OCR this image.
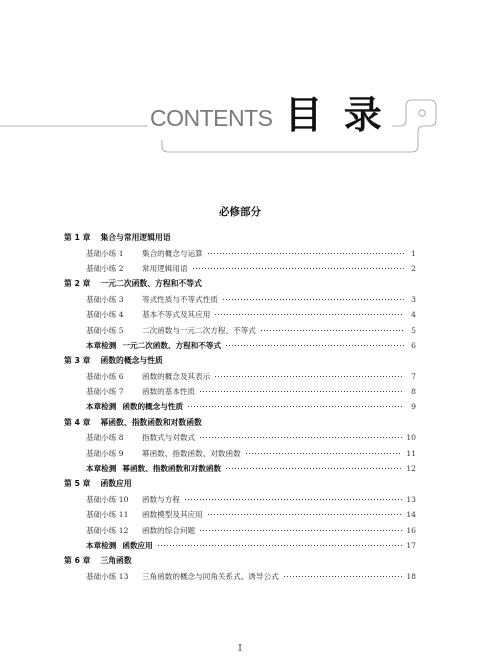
CONTENTS 目 录
必修部分
第 1 章 集合与常用逻辑用语
基础小练 1	集合的概念与运算	1
基础小练 2	常用逻辑用语	2
第 2 章 一元二次函数、方程和不等式
基础小练 3	等式性质与不等式性质	3
基础小练 4	基本不等式及其应用	4
基础小练 5	二次函数与一元二次方程、不等式	5
本章检测 一元二次函数、方程和不等式	6
第 3 章 函数的概念与性质
基础小练 6	函数的概念及其表示	7
基础小练 7	函数的基本性质	8
本章检测 函数的概念与性质	9
第 4 章 幂函数、指数函数和对数函数
基础小练 8	指数式与对数式	10
基础小练 9	幂函数、指数函数、对数函数	11
本章检测 幂函数、指数函数和对数函数	12
第 5 章 函数应用
基础小练 10	函数与方程	13
基础小练 11	函数模型及其应用	14
基础小练 12	函数的综合问题	16
本章检测 函数应用	17
第 6 章 三角函数
基础小练 13	三角函数的概念与同角关系式、诱导公式	18
I
